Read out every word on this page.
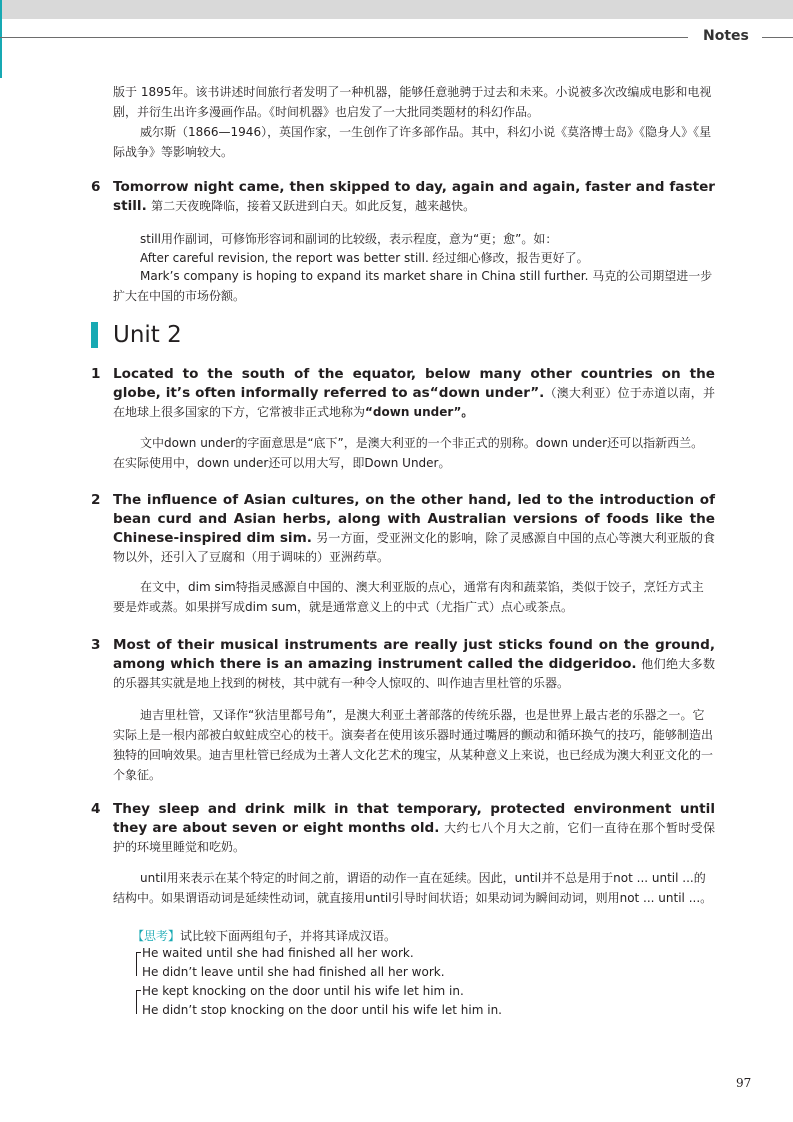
Notes
版于 1895年。该书讲述时间旅行者发明了一种机器，能够任意驰骋于过去和未来。小说被多次改编成电影和电视剧，并衍生出许多漫画作品。《时间机器》也启发了一大批同类题材的科幻作品。
威尔斯（1866—1946），英国作家，一生创作了许多部作品。其中，科幻小说《莫洛博士岛》《隐身人》《星际战争》等影响较大。
6 Tomorrow night came, then skipped to day, again and again, faster and faster still. 第二天夜晚降临，接着又跃进到白天。如此反复，越来越快。
still用作副词，可修饰形容词和副词的比较级，表示程度，意为“更；愈”。如：
After careful revision, the report was better still. 经过细心修改，报告更好了。
Mark’s company is hoping to expand its market share in China still further. 马克的公司期望进一步扩大在中国的市场份额。
Unit 2
1 Located to the south of the equator, below many other countries on the globe, it’s often informally referred to as“down under”.（澳大利亚）位于赤道以南，并在地球上很多国家的下方，它常被非正式地称为“down under”。
文中down under的字面意思是“底下”，是澳大利亚的一个非正式的别称。down under还可以指新西兰。在实际使用中，down under还可以用大写，即Down Under。
2 The influence of Asian cultures, on the other hand, led to the introduction of bean curd and Asian herbs, along with Australian versions of foods like the Chinese-inspired dim sim. 另一方面，受亚洲文化的影响，除了灵感源自中国的点心等澳大利亚版的食物以外，还引入了豆腐和（用于调味的）亚洲药草。
在文中，dim sim特指灵感源自中国的、澳大利亚版的点心，通常有肉和蔬菜馅，类似于饺子，烹饪方式主要是炸或蒸。如果拼写成dim sum，就是通常意义上的中式（尤指广式）点心或茶点。
3 Most of their musical instruments are really just sticks found on the ground, among which there is an amazing instrument called the didgeridoo. 他们绝大多数的乐器其实就是地上找到的树枝，其中就有一种令人惊叹的、叫作迪吉里杜管的乐器。
迪吉里杜管，又译作“狄洁里都号角”，是澳大利亚土著部落的传统乐器，也是世界上最古老的乐器之一。它实际上是一根内部被白蚁蛀成空心的枝干。演奏者在使用该乐器时通过嘴唇的颤动和循环换气的技巧，能够制造出独特的回响效果。迪吉里杜管已经成为土著人文化艺术的瑰宝，从某种意义上来说，也已经成为澳大利亚文化的一个象征。
4 They sleep and drink milk in that temporary, protected environment until they are about seven or eight months old. 大约七八个月大之前，它们一直待在那个暂时受保护的环境里睡觉和吃奶。
until用来表示在某个特定的时间之前，谓语的动作一直在延续。因此，until并不总是用于not ... until ...的结构中。如果谓语动词是延续性动词，就直接用until引导时间状语；如果动词为瞬间动词，则用not ... until ...。
【思考】试比较下面两组句子，并将其译成汉语。
He waited until she had finished all her work.
He didn’t leave until she had finished all her work.
He kept knocking on the door until his wife let him in.
He didn’t stop knocking on the door until his wife let him in.
97
